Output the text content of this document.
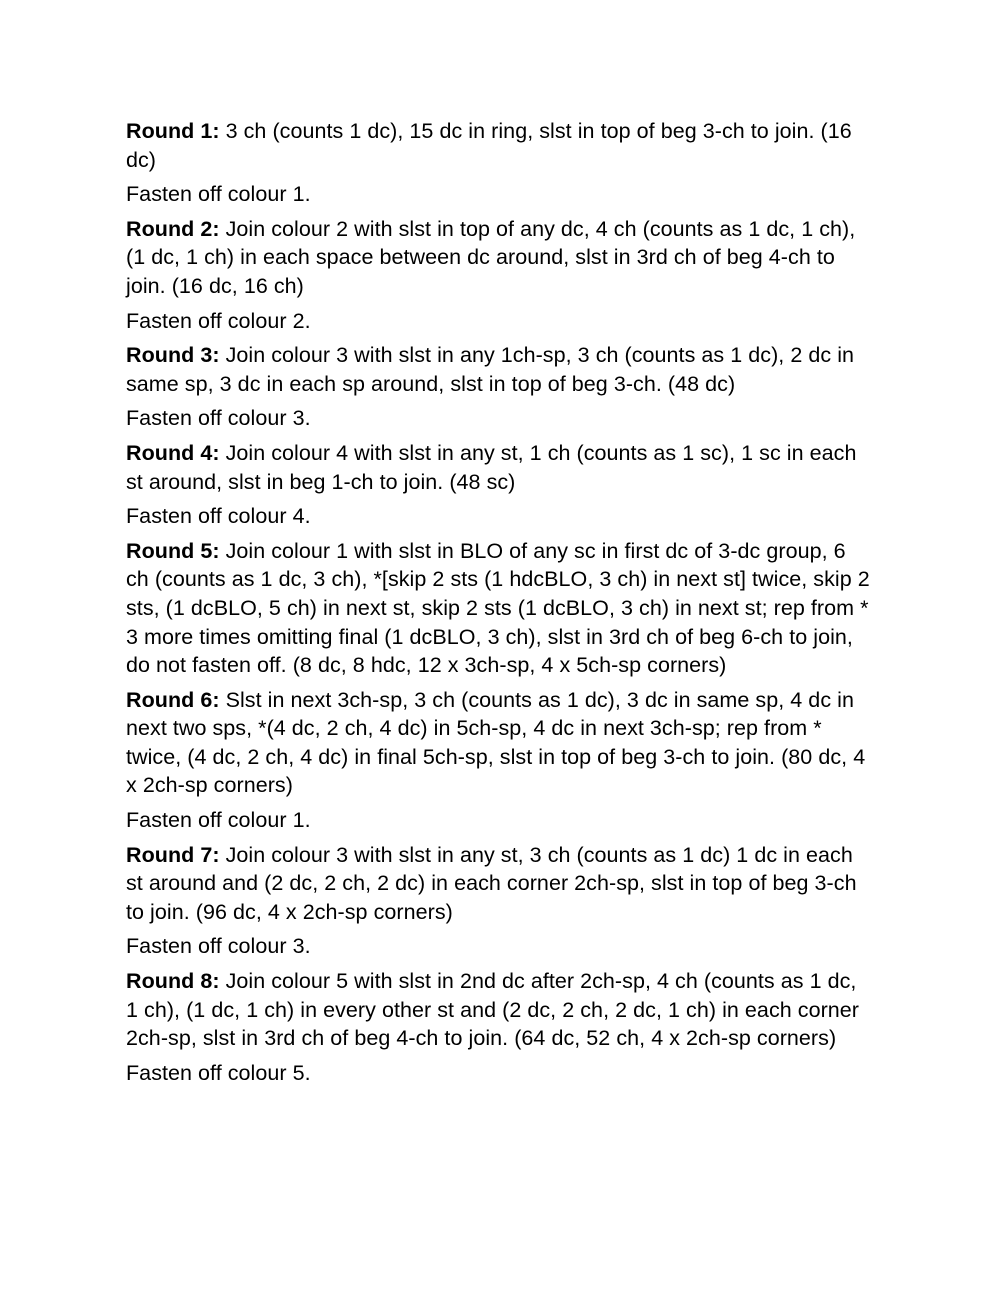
Round 1: 3 ch (counts 1 dc), 15 dc in ring, slst in top of beg 3-ch to join. (16 dc)

Fasten off colour 1.

Round 2: Join colour 2 with slst in top of any dc, 4 ch (counts as 1 dc, 1 ch), (1 dc, 1 ch) in each space between dc around, slst in 3rd ch of beg 4-ch to join. (16 dc, 16 ch)

Fasten off colour 2.

Round 3: Join colour 3 with slst in any 1ch-sp, 3 ch (counts as 1 dc), 2 dc in same sp, 3 dc in each sp around, slst in top of beg 3-ch. (48 dc)

Fasten off colour 3.

Round 4: Join colour 4 with slst in any st, 1 ch (counts as 1 sc), 1 sc in each st around, slst in beg 1-ch to join. (48 sc)

Fasten off colour 4.

Round 5: Join colour 1 with slst in BLO of any sc in first dc of 3-dc group, 6 ch (counts as 1 dc, 3 ch), *[skip 2 sts (1 hdcBLO, 3 ch) in next st] twice, skip 2 sts, (1 dcBLO, 5 ch) in next st, skip 2 sts (1 dcBLO, 3 ch) in next st; rep from * 3 more times omitting final (1 dcBLO, 3 ch), slst in 3rd ch of beg 6-ch to join, do not fasten off. (8 dc, 8 hdc, 12 x 3ch-sp, 4 x 5ch-sp corners)

Round 6: Slst in next 3ch-sp, 3 ch (counts as 1 dc), 3 dc in same sp, 4 dc in next two sps, *(4 dc, 2 ch, 4 dc) in 5ch-sp, 4 dc in next 3ch-sp; rep from * twice, (4 dc, 2 ch, 4 dc) in final 5ch-sp, slst in top of beg 3-ch to join. (80 dc, 4 x 2ch-sp corners)

Fasten off colour 1.

Round 7: Join colour 3 with slst in any st, 3 ch (counts as 1 dc) 1 dc in each st around and (2 dc, 2 ch, 2 dc) in each corner 2ch-sp, slst in top of beg 3-ch to join. (96 dc, 4 x 2ch-sp corners)

Fasten off colour 3.

Round 8: Join colour 5 with slst in 2nd dc after 2ch-sp, 4 ch (counts as 1 dc, 1 ch), (1 dc, 1 ch) in every other st and (2 dc, 2 ch, 2 dc, 1 ch) in each corner 2ch-sp, slst in 3rd ch of beg 4-ch to join. (64 dc, 52 ch, 4 x 2ch-sp corners)

Fasten off colour 5.
